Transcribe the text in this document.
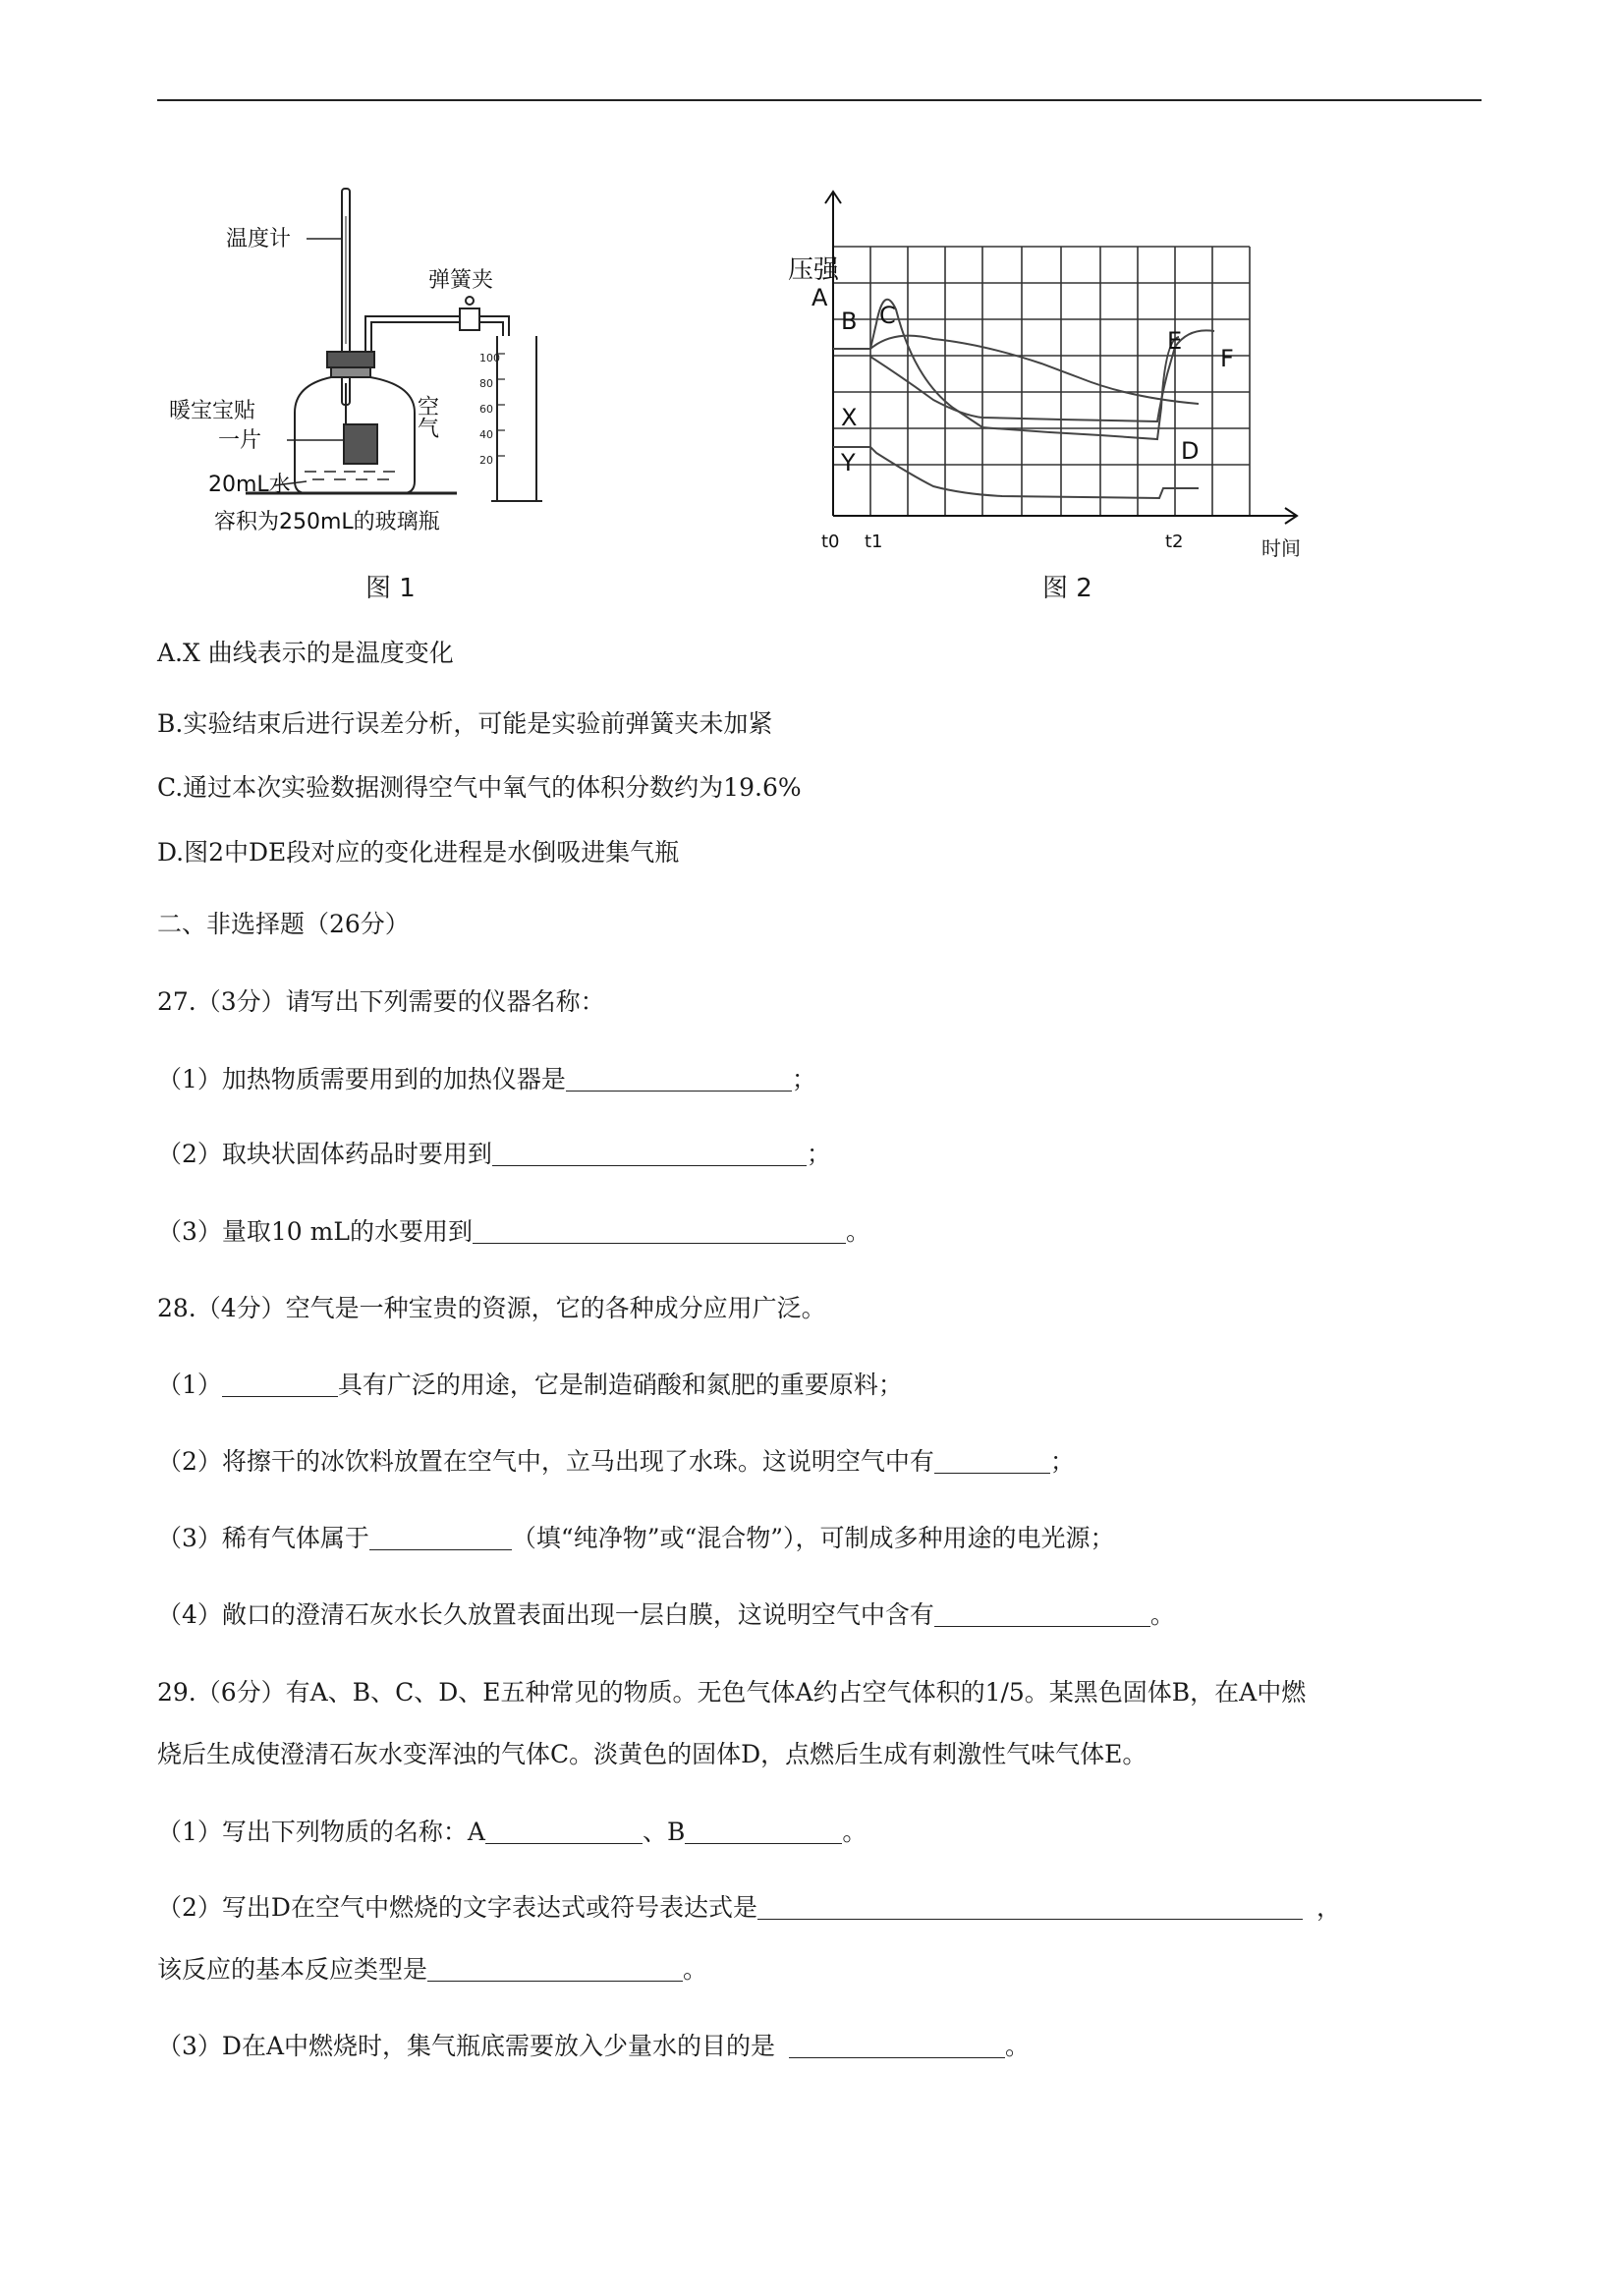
100
80
60
40
20
温度计
弹簧夹
暖宝宝贴
一片
空气
20mL水
容积为250mL的玻璃瓶
图 1
压强
A
B C
X
Y	D
E
F
t0 t1	t2	时间
图 2
A.X 曲线表示的是温度变化
B.实验结束后进行误差分析，可能是实验前弹簧夹未加紧
C.通过本次实验数据测得空气中氧气的体积分数约为19.6%
D.图2中DE段对应的变化进程是水倒吸进集气瓶
二、非选择题（26分）
27.（3分）请写出下列需要的仪器名称：
（1）加热物质需要用到的加热仪器是	；
（2）取块状固体药品时要用到	；
（3）量取10 mL的水要用到	。
28.（4分）空气是一种宝贵的资源，它的各种成分应用广泛。
（1）	具有广泛的用途，它是制造硝酸和氮肥的重要原料；
（2）将擦干的冰饮料放置在空气中，立马出现了水珠。这说明空气中有	；
（3）稀有气体属于	（填“纯净物”或“混合物”），可制成多种用途的电光源；
（4）敞口的澄清石灰水长久放置表面出现一层白膜，这说明空气中含有	。
29.（6分）有A、B、C、D、E五种常见的物质。无色气体A约占空气体积的1/5。某黑色固体B，在A中燃
烧后生成使澄清石灰水变浑浊的气体C。淡黄色的固体D，点燃后生成有刺激性气味气体E。
（1）写出下列物质的名称：A	、B	。
（2）写出D在空气中燃烧的文字表达式或符号表达式是	，
该反应的基本反应类型是	。
（3）D在A中燃烧时，集气瓶底需要放入少量水的目的是	。
